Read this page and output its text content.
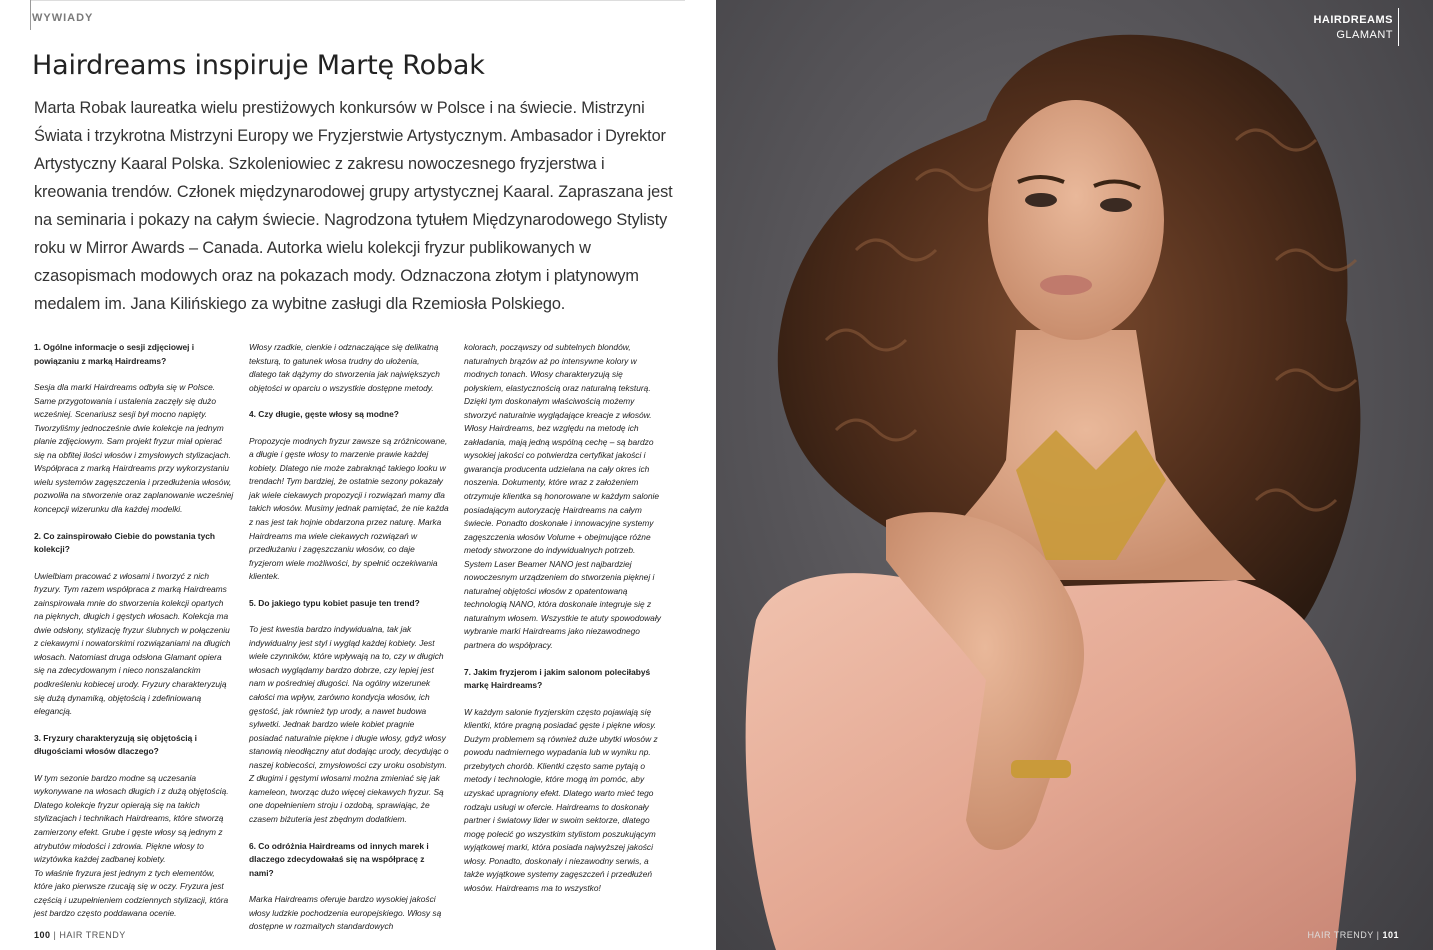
WYWIADY
Hairdreams inspiruje Martę Robak
Marta Robak laureatka wielu prestiżowych konkursów w Polsce i na świecie. Mistrzyni Świata i trzykrotna Mistrzyni Europy we Fryzjerstwie Artystycznym. Ambasador i Dyrektor Artystyczny Kaaral Polska. Szkoleniowiec z zakresu nowoczesnego fryzjerstwa i kreowania trendów. Członek międzynarodowej grupy artystycznej Kaaral. Zapraszana jest na seminaria i pokazy na całym świecie. Nagrodzona tytułem Międzynarodowego Stylisty roku w Mirror Awards – Canada. Autorka wielu kolekcji fryzur publikowanych w czasopismach modowych oraz na pokazach mody. Odznaczona złotym i platynowym medalem im. Jana Kilińskiego za wybitne zasługi dla Rzemiosła Polskiego.

1. Ogólne informacje o sesji zdjęciowej i powiązaniu z marką Hairdreams?

Sesja dla marki Hairdreams odbyła się w Polsce. Same przygotowania i ustalenia zaczęły się dużo wcześniej. Scenariusz sesji był mocno napięty. Tworzyliśmy jednocześnie dwie kolekcje na jednym planie zdjęciowym. Sam projekt fryzur miał opierać się na obfitej ilości włosów i zmysłowych stylizacjach. Współpraca z marką Hairdreams przy wykorzystaniu wielu systemów zagęszczenia i przedłużenia włosów, pozwoliła na stworzenie oraz zaplanowanie wcześniej koncepcji wizerunku dla każdej modelki.

2. Co zainspirowało Ciebie do powstania tych kolekcji?

Uwielbiam pracować z włosami i tworzyć z nich fryzury. Tym razem współpraca z marką Hairdreams zainspirowała mnie do stworzenia kolekcji opartych na pięknych, długich i gęstych włosach. Kolekcja ma dwie odsłony, stylizację fryzur ślubnych w połączeniu z ciekawymi i nowatorskimi rozwiązaniami na długich włosach. Natomiast druga odsłona Glamant opiera się na zdecydowanym i nieco nonszalanckim podkreśleniu kobiecej urody. Fryzury charakteryzują się dużą dynamiką, objętością i zdefiniowaną elegancją.

3. Fryzury charakteryzują się objętością i długościami włosów dlaczego?

W tym sezonie bardzo modne są uczesania wykonywane na włosach długich i z dużą objętością. Dlatego kolekcje fryzur opierają się na takich stylizacjach i technikach Hairdreams, które stworzą zamierzony efekt. Grube i gęste włosy są jednym z atrybutów młodości i zdrowia. Piękne włosy to wizytówka każdej zadbanej kobiety.
To właśnie fryzura jest jednym z tych elementów, które jako pierwsze rzucają się w oczy. Fryzura jest częścią i uzupełnieniem codziennych stylizacji, która jest bardzo często poddawana ocenie.

Włosy rzadkie, cienkie i odznaczające się delikatną teksturą, to gatunek włosa trudny do ułożenia, dlatego tak dążymy do stworzenia jak największych objętości w oparciu o wszystkie dostępne metody.

4. Czy długie, gęste włosy są modne?

Propozycje modnych fryzur zawsze są zróżnicowane, a długie i gęste włosy to marzenie prawie każdej kobiety. Dlatego nie może zabraknąć takiego looku w trendach! Tym bardziej, że ostatnie sezony pokazały jak wiele ciekawych propozycji i rozwiązań mamy dla takich włosów. Musimy jednak pamiętać, że nie każda z nas jest tak hojnie obdarzona przez naturę. Marka Hairdreams ma wiele ciekawych rozwiązań w przedłużaniu i zagęszczaniu włosów, co daje fryzjerom wiele możliwości, by spełnić oczekiwania klientek.

5. Do jakiego typu kobiet pasuje ten trend?

To jest kwestia bardzo indywidualna, tak jak indywidualny jest styl i wygląd każdej kobiety. Jest wiele czynników, które wpływają na to, czy w długich włosach wyglądamy bardzo dobrze, czy lepiej jest nam w pośredniej długości. Na ogólny wizerunek całości ma wpływ, zarówno kondycja włosów, ich gęstość, jak również typ urody, a nawet budowa sylwetki. Jednak bardzo wiele kobiet pragnie posiadać naturalnie piękne i długie włosy, gdyż włosy stanowią nieodłączny atut dodając urody, decydując o naszej kobiecości, zmysłowości czy uroku osobistym. Z długimi i gęstymi włosami można zmieniać się jak kameleon, tworząc dużo więcej ciekawych fryzur. Są one dopełnieniem stroju i ozdobą, sprawiając, że czasem biżuteria jest zbędnym dodatkiem.

6. Co odróżnia Hairdreams od innych marek i dlaczego zdecydowałaś się na współpracę z nami?

Marka Hairdreams oferuje bardzo wysokiej jakości włosy ludzkie pochodzenia europejskiego. Włosy są dostępne w rozmaitych standardowych

kolorach, począwszy od subtelnych blondów, naturalnych brązów aż po intensywne kolory w modnych tonach. Włosy charakteryzują się połyskiem, elastycznością oraz naturalną teksturą. Dzięki tym doskonałym właściwością możemy stworzyć naturalnie wyglądające kreacje z włosów. Włosy Hairdreams, bez względu na metodę ich zakładania, mają jedną wspólną cechę – są bardzo wysokiej jakości co potwierdza certyfikat jakości i gwarancja producenta udzielana na cały okres ich noszenia. Dokumenty, które wraz z założeniem otrzymuje klientka są honorowane w każdym salonie posiadającym autoryzację Hairdreams na całym świecie. Ponadto doskonałe i innowacyjne systemy zagęszczenia włosów Volume + obejmujące różne metody stworzone do indywidualnych potrzeb. System Laser Beamer NANO jest najbardziej nowoczesnym urządzeniem do stworzenia pięknej i naturalnej objętości włosów z opatentowaną technologią NANO, która doskonale integruje się z naturalnym włosem. Wszystkie te atuty spowodowały wybranie marki Hairdreams jako niezawodnego partnera do współpracy.

7. Jakim fryzjerom i jakim salonom poleciłabyś markę Hairdreams?

W każdym salonie fryzjerskim często pojawiają się klientki, które pragną posiadać gęste i piękne włosy. Dużym problemem są również duże ubytki włosów z powodu nadmiernego wypadania lub w wyniku np. przebytych chorób. Klientki często same pytają o metody i technologie, które mogą im pomóc, aby uzyskać upragniony efekt. Dlatego warto mieć tego rodzaju usługi w ofercie. Hairdreams to doskonały partner i światowy lider w swoim sektorze, dlatego mogę polecić go wszystkim stylistom poszukującym wyjątkowej marki, która posiada najwyższej jakości włosy. Ponadto, doskonały i niezawodny serwis, a także wyjątkowe systemy zagęszczeń i przedłużeń włosów. Hairdreams ma to wszystko!

100 | HAIR TRENDY
HAIRDREAMS
GLAMANT
HAIR TRENDY | 101
